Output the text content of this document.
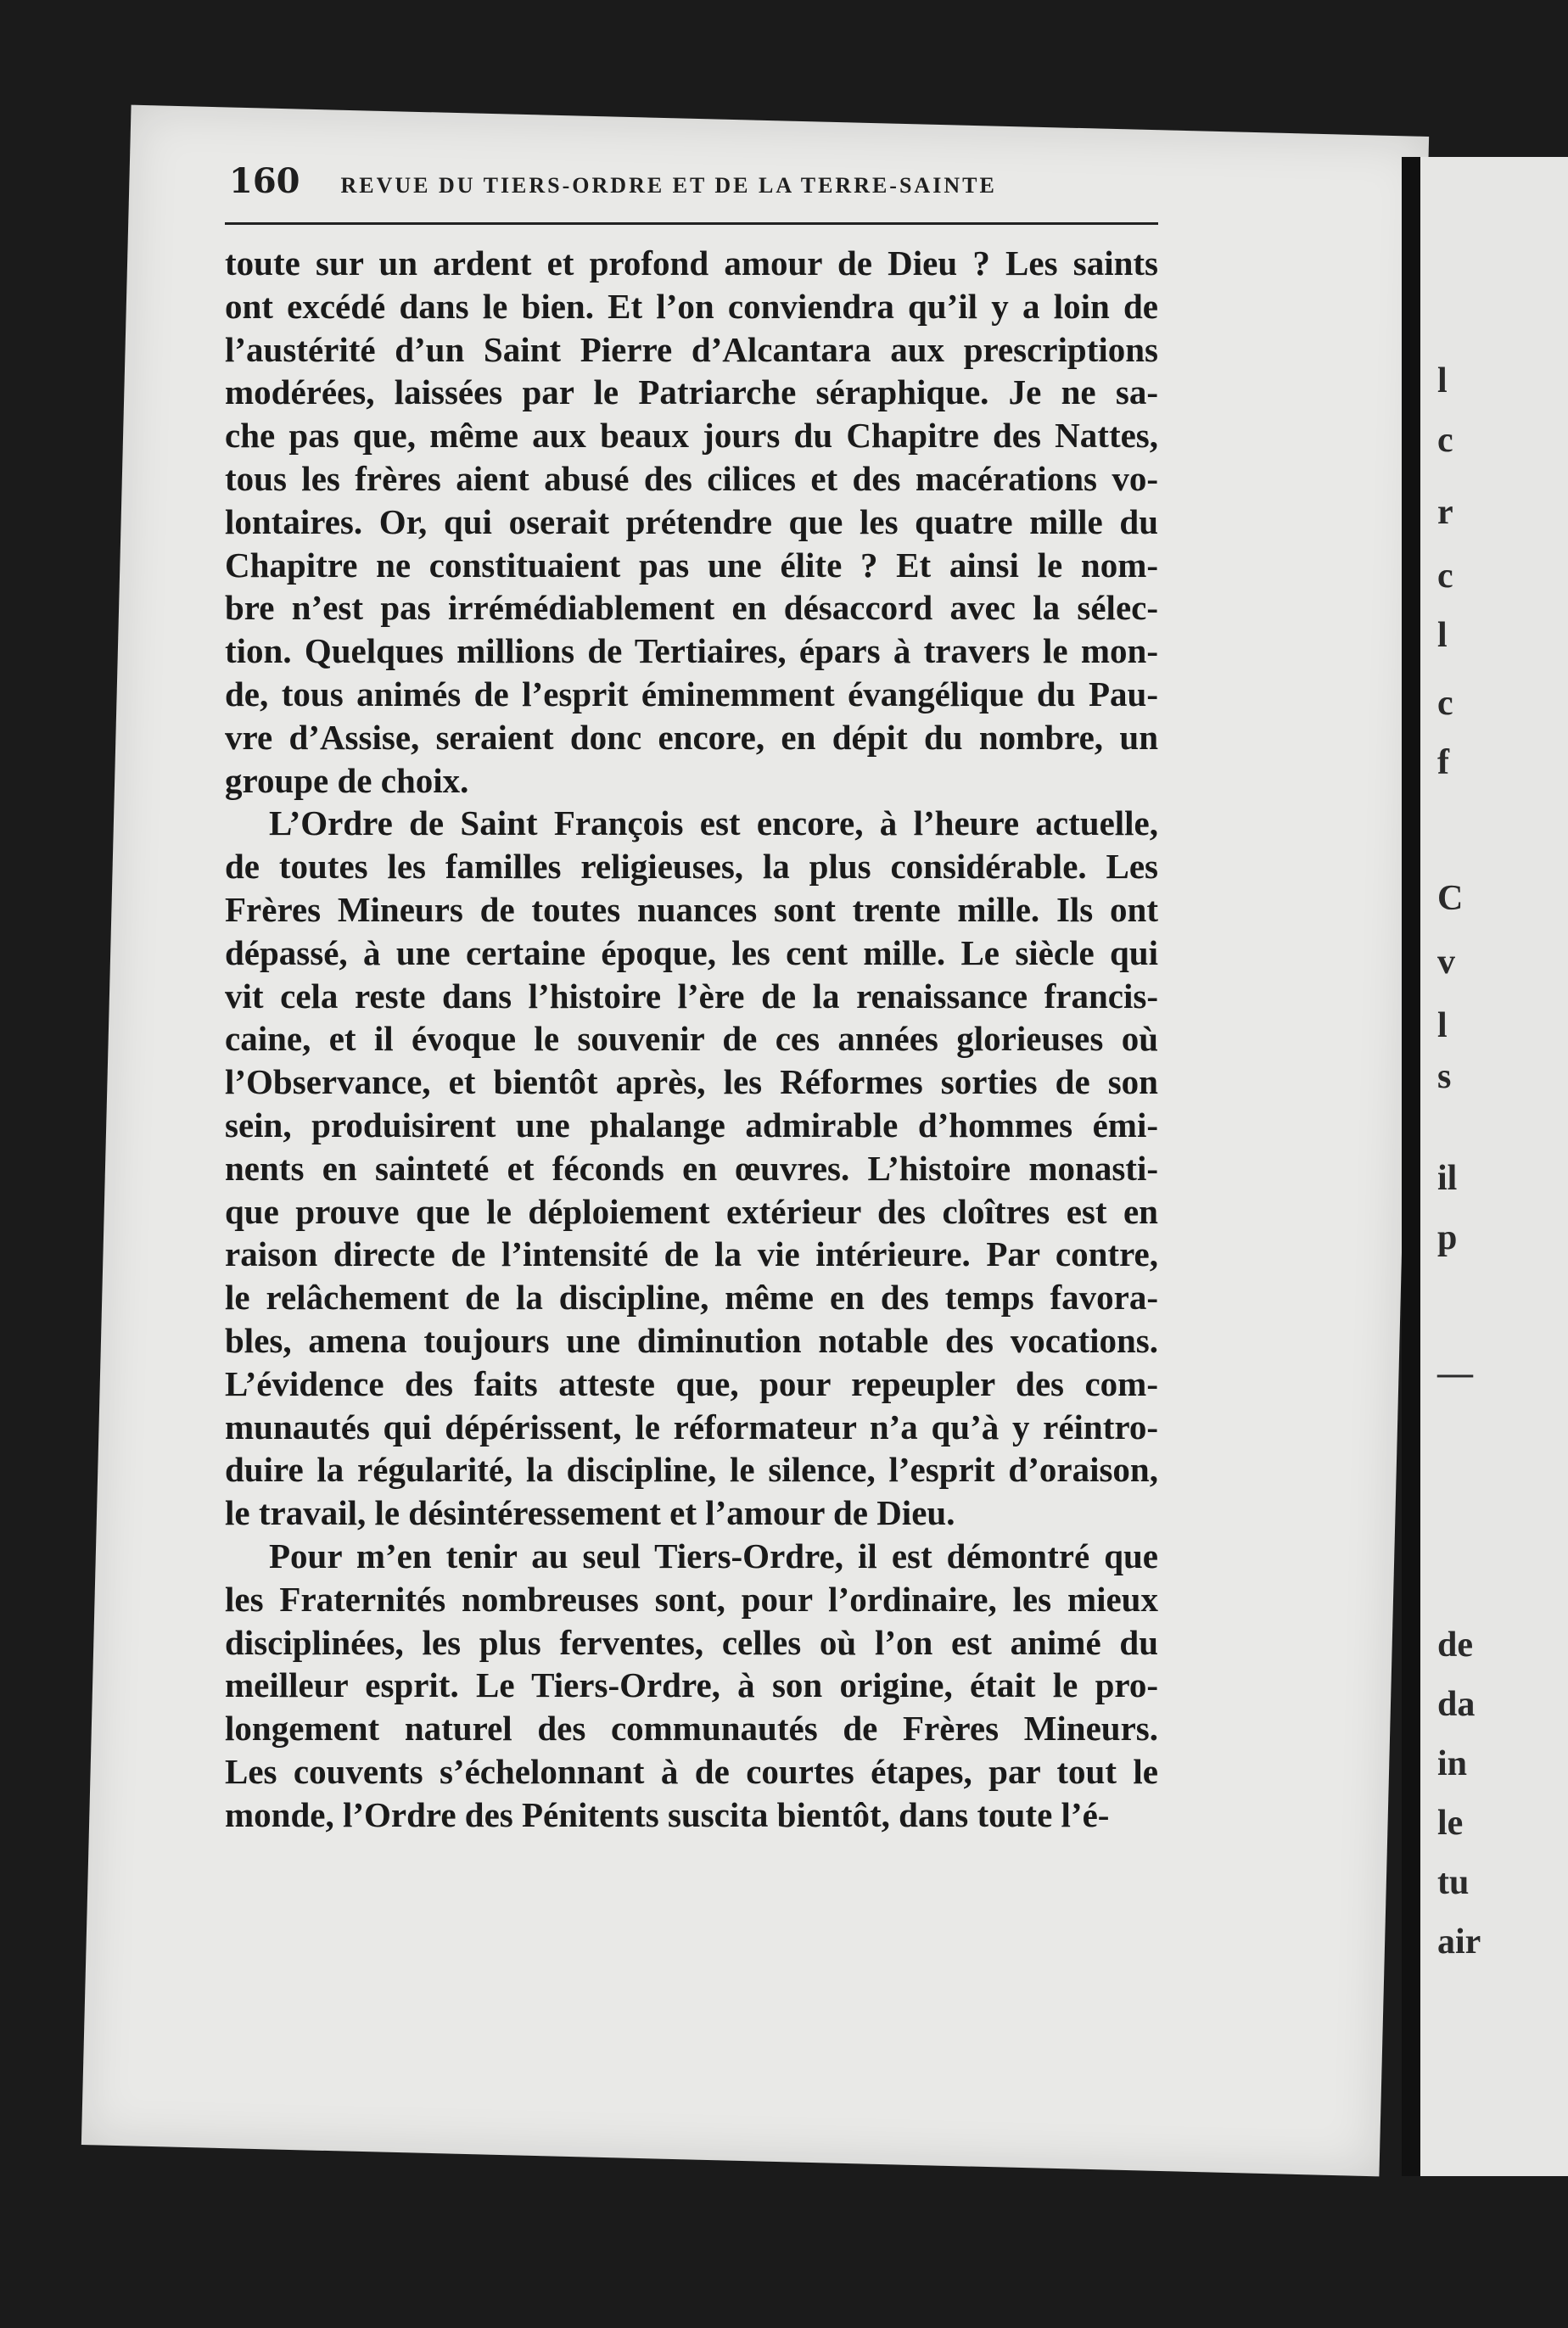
l
c
r
c
l
c
f
C
v
l
s
il
p
—
de
da
in
le
tu
air
160 REVUE DU TIERS-ORDRE ET DE LA TERRE-SAINTE
toute sur un ardent et profond amour de Dieu ? Les saints
ont excédé dans le bien. Et l’on conviendra qu’il y a loin de
l’austérité d’un Saint Pierre d’Alcantara aux prescriptions
modérées, laissées par le Patriarche séraphique. Je ne sa-
che pas que, même aux beaux jours du Chapitre des Nattes,
tous les frères aient abusé des cilices et des macérations vo-
lontaires. Or, qui oserait prétendre que les quatre mille du
Chapitre ne constituaient pas une élite ? Et ainsi le nom-
bre n’est pas irrémédiablement en désaccord avec la sélec-
tion. Quelques millions de Tertiaires, épars à travers le mon-
de, tous animés de l’esprit éminemment évangélique du Pau-
vre d’Assise, seraient donc encore, en dépit du nombre, un
groupe de choix.
L’Ordre de Saint François est encore, à l’heure actuelle,
de toutes les familles religieuses, la plus considérable. Les
Frères Mineurs de toutes nuances sont trente mille. Ils ont
dépassé, à une certaine époque, les cent mille. Le siècle qui
vit cela reste dans l’histoire l’ère de la renaissance francis-
caine, et il évoque le souvenir de ces années glorieuses où
l’Observance, et bientôt après, les Réformes sorties de son
sein, produisirent une phalange admirable d’hommes émi-
nents en sainteté et féconds en œuvres. L’histoire monasti-
que prouve que le déploiement extérieur des cloîtres est en
raison directe de l’intensité de la vie intérieure. Par contre,
le relâchement de la discipline, même en des temps favora-
bles, amena toujours une diminution notable des vocations.
L’évidence des faits atteste que, pour repeupler des com-
munautés qui dépérissent, le réformateur n’a qu’à y réintro-
duire la régularité, la discipline, le silence, l’esprit d’oraison,
le travail, le désintéressement et l’amour de Dieu.
Pour m’en tenir au seul Tiers-Ordre, il est démontré que
les Fraternités nombreuses sont, pour l’ordinaire, les mieux
disciplinées, les plus ferventes, celles où l’on est animé du
meilleur esprit. Le Tiers-Ordre, à son origine, était le pro-
longement naturel des communautés de Frères Mineurs.
Les couvents s’échelonnant à de courtes étapes, par tout le
monde, l’Ordre des Pénitents suscita bientôt, dans toute l’é-
